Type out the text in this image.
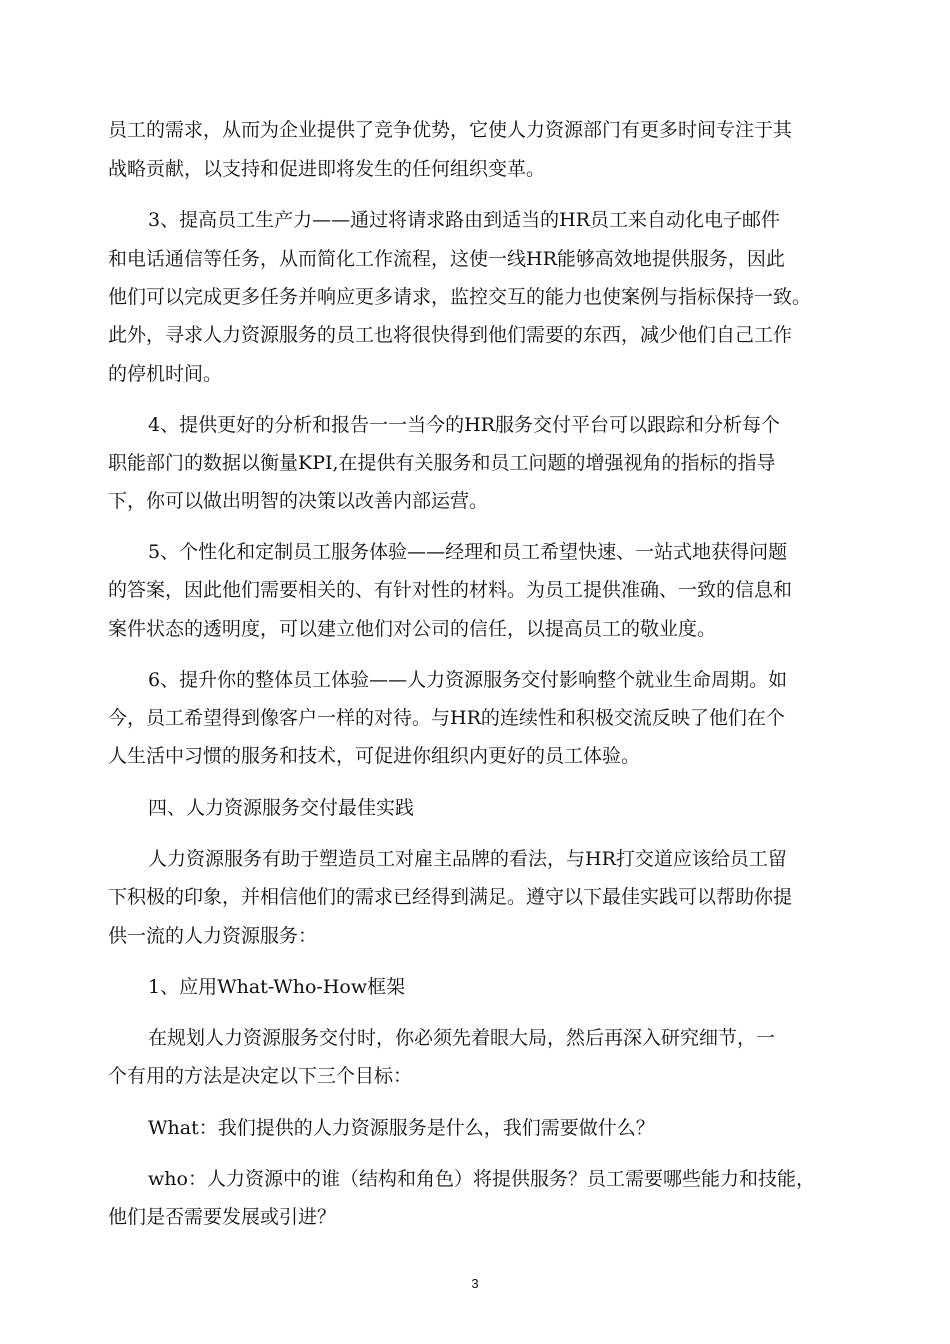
员工的需求，从而为企业提供了竞争优势，它使人力资源部门有更多时间专注于其
战略贡献，以支持和促进即将发生的任何组织变革。
3、提高员工生产力——通过将请求路由到适当的HR员工来自动化电子邮件
和电话通信等任务，从而简化工作流程，这使一线HR能够高效地提供服务，因此
他们可以完成更多任务并响应更多请求，监控交互的能力也使案例与指标保持一致。
此外，寻求人力资源服务的员工也将很快得到他们需要的东西，减少他们自己工作
的停机时间。
4、提供更好的分析和报告一一当今的HR服务交付平台可以跟踪和分析每个
职能部门的数据以衡量KPI,在提供有关服务和员工问题的增强视角的指标的指导
下，你可以做出明智的决策以改善内部运营。
5、个性化和定制员工服务体验——经理和员工希望快速、一站式地获得问题
的答案，因此他们需要相关的、有针对性的材料。为员工提供准确、一致的信息和
案件状态的透明度，可以建立他们对公司的信任，以提高员工的敬业度。
6、提升你的整体员工体验——人力资源服务交付影响整个就业生命周期。如
今，员工希望得到像客户一样的对待。与HR的连续性和积极交流反映了他们在个
人生活中习惯的服务和技术，可促进你组织内更好的员工体验。
四、人力资源服务交付最佳实践
人力资源服务有助于塑造员工对雇主品牌的看法，与HR打交道应该给员工留
下积极的印象，并相信他们的需求已经得到满足。遵守以下最佳实践可以帮助你提
供一流的人力资源服务：
1、应用What-Who-How框架
在规划人力资源服务交付时，你必须先着眼大局，然后再深入研究细节，一
个有用的方法是决定以下三个目标：
What：我们提供的人力资源服务是什么，我们需要做什么？
who：人力资源中的谁（结构和角色）将提供服务？员工需要哪些能力和技能，
他们是否需要发展或引进？
3
